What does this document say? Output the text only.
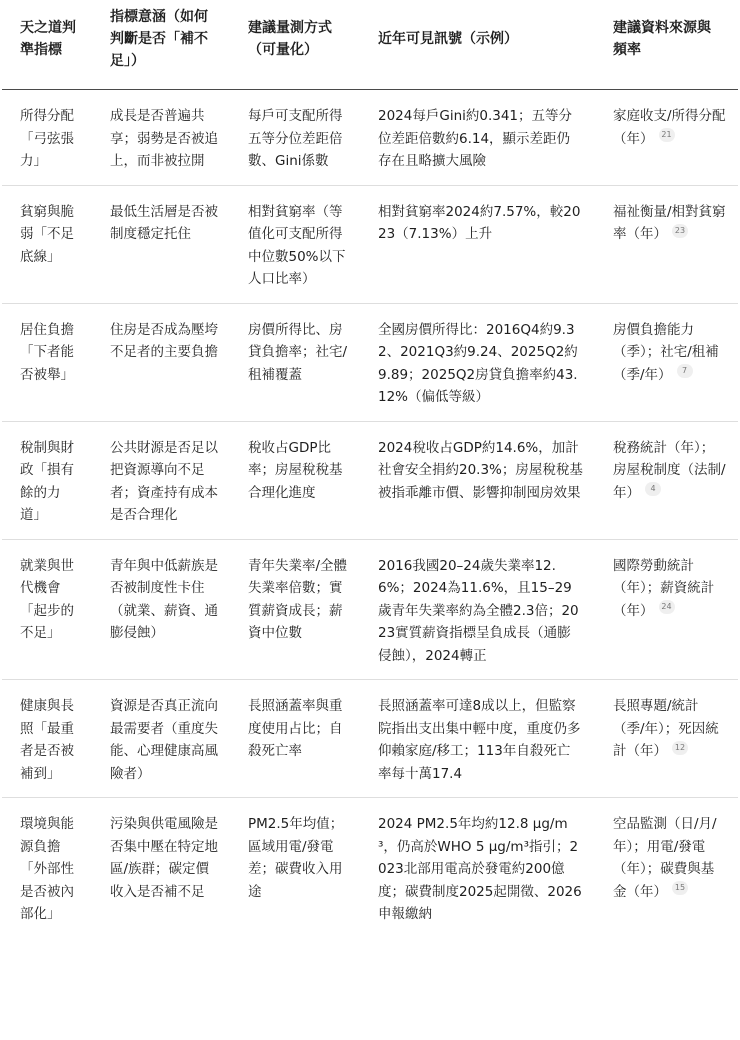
天之道判準指標	指標意涵（如何判斷是否「補不足」）	建議量測方式（可量化）	近年可見訊號（示例）	建議資料來源與頻率
所得分配「弓弦張力」	成長是否普遍共享；弱勢是否被追上，而非被拉開	每戶可支配所得五等分位差距倍數、Gini係數	2024每戶Gini約0.341；五等分位差距倍數約6.14，顯示差距仍存在且略擴大風險	家庭收支/所得分配（年） 21
貧窮與脆弱「不足底線」	最低生活層是否被制度穩定托住	相對貧窮率（等值化可支配所得中位數50%以下人口比率）	相對貧窮率2024約7.57%，較2023（7.13%）上升	福祉衡量/相對貧窮率（年） 23
居住負擔「下者能否被舉」	住房是否成為壓垮不足者的主要負擔	房價所得比、房貸負擔率；社宅/租補覆蓋	全國房價所得比：2016Q4約9.32、2021Q3約9.24、2025Q2約9.89；2025Q2房貸負擔率約43.12%（偏低等級）	房價負擔能力（季）；社宅/租補（季/年） 7
稅制與財政「損有餘的力道」	公共財源是否足以把資源導向不足者；資產持有成本是否合理化	稅收占GDP比率；房屋稅稅基合理化進度	2024稅收占GDP約14.6%，加計社會安全捐約20.3%；房屋稅稅基被指乖離市價、影響抑制囤房效果	稅務統計（年）；房屋稅制度（法制/年） 4
就業與世代機會「起步的不足」	青年與中低薪族是否被制度性卡住（就業、薪資、通膨侵蝕）	青年失業率/全體失業率倍數；實質薪資成長；薪資中位數	2016我國20–24歲失業率12.6%；2024為11.6%，且15–29歲青年失業率約為全體2.3倍；2023實質薪資指標呈負成長（通膨侵蝕），2024轉正	國際勞動統計（年）；薪資統計（年） 24
健康與長照「最重者是否被補到」	資源是否真正流向最需要者（重度失能、心理健康高風險者）	長照涵蓋率與重度使用占比；自殺死亡率	長照涵蓋率可達8成以上，但監察院指出支出集中輕中度，重度仍多仰賴家庭/移工；113年自殺死亡率每十萬17.4	長照專題/統計（季/年）；死因統計（年） 12
環境與能源負擔「外部性是否被內部化」	污染與供電風險是否集中壓在特定地區/族群；碳定價收入是否補不足	PM2.5年均值；區域用電/發電差；碳費收入用途	2024 PM2.5年均約12.8 μg/m³，仍高於WHO 5 μg/m³指引；2023北部用電高於發電約200億度；碳費制度2025起開徵、2026申報繳納	空品監測（日/月/年）；用電/發電（年）；碳費與基金（年） 15
